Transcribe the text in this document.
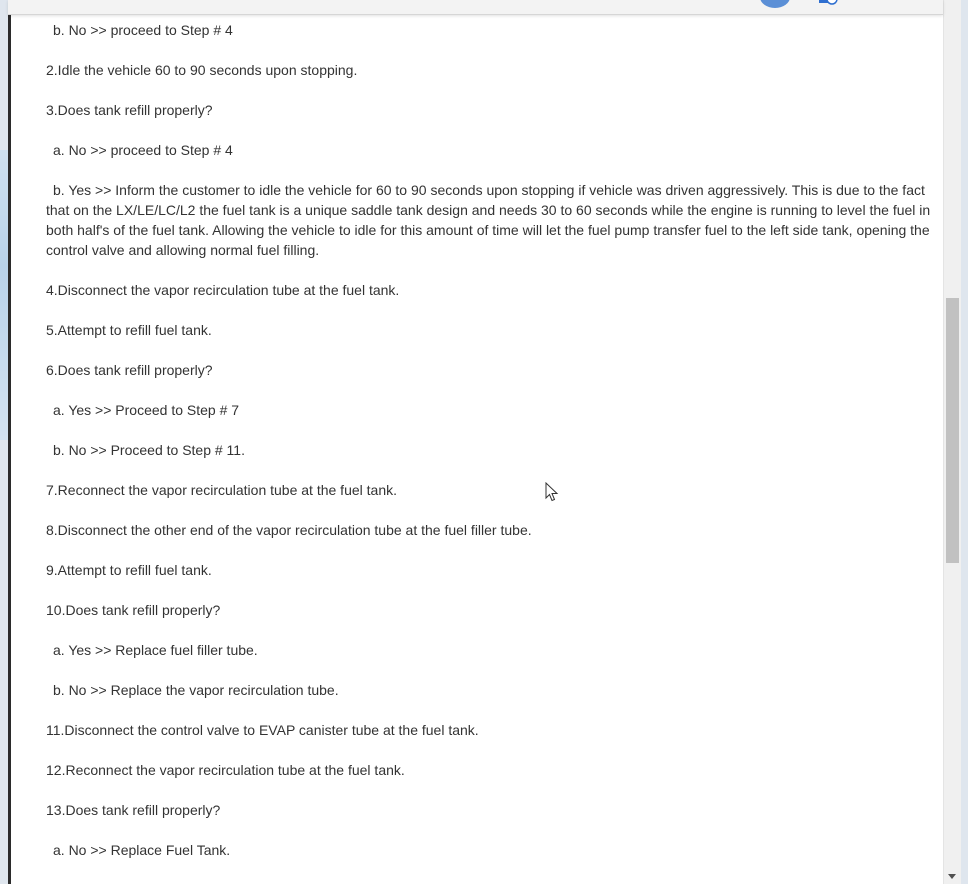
b. No >> proceed to Step # 4

2.Idle the vehicle 60 to 90 seconds upon stopping.

3.Does tank refill properly?

a. No >> proceed to Step # 4

b. Yes >> Inform the customer to idle the vehicle for 60 to 90 seconds upon stopping if vehicle was driven aggressively. This is due to the fact that on the LX/LE/LC/L2 the fuel tank is a unique saddle tank design and needs 30 to 60 seconds while the engine is running to level the fuel in both half's of the fuel tank. Allowing the vehicle to idle for this amount of time will let the fuel pump transfer fuel to the left side tank, opening the control valve and allowing normal fuel filling.

4.Disconnect the vapor recirculation tube at the fuel tank.

5.Attempt to refill fuel tank.

6.Does tank refill properly?

a. Yes >> Proceed to Step # 7

b. No >> Proceed to Step # 11.

7.Reconnect the vapor recirculation tube at the fuel tank.

8.Disconnect the other end of the vapor recirculation tube at the fuel filler tube.

9.Attempt to refill fuel tank.

10.Does tank refill properly?

a. Yes >> Replace fuel filler tube.

b. No >> Replace the vapor recirculation tube.

11.Disconnect the control valve to EVAP canister tube at the fuel tank.

12.Reconnect the vapor recirculation tube at the fuel tank.

13.Does tank refill properly?

a. No >> Replace Fuel Tank.
